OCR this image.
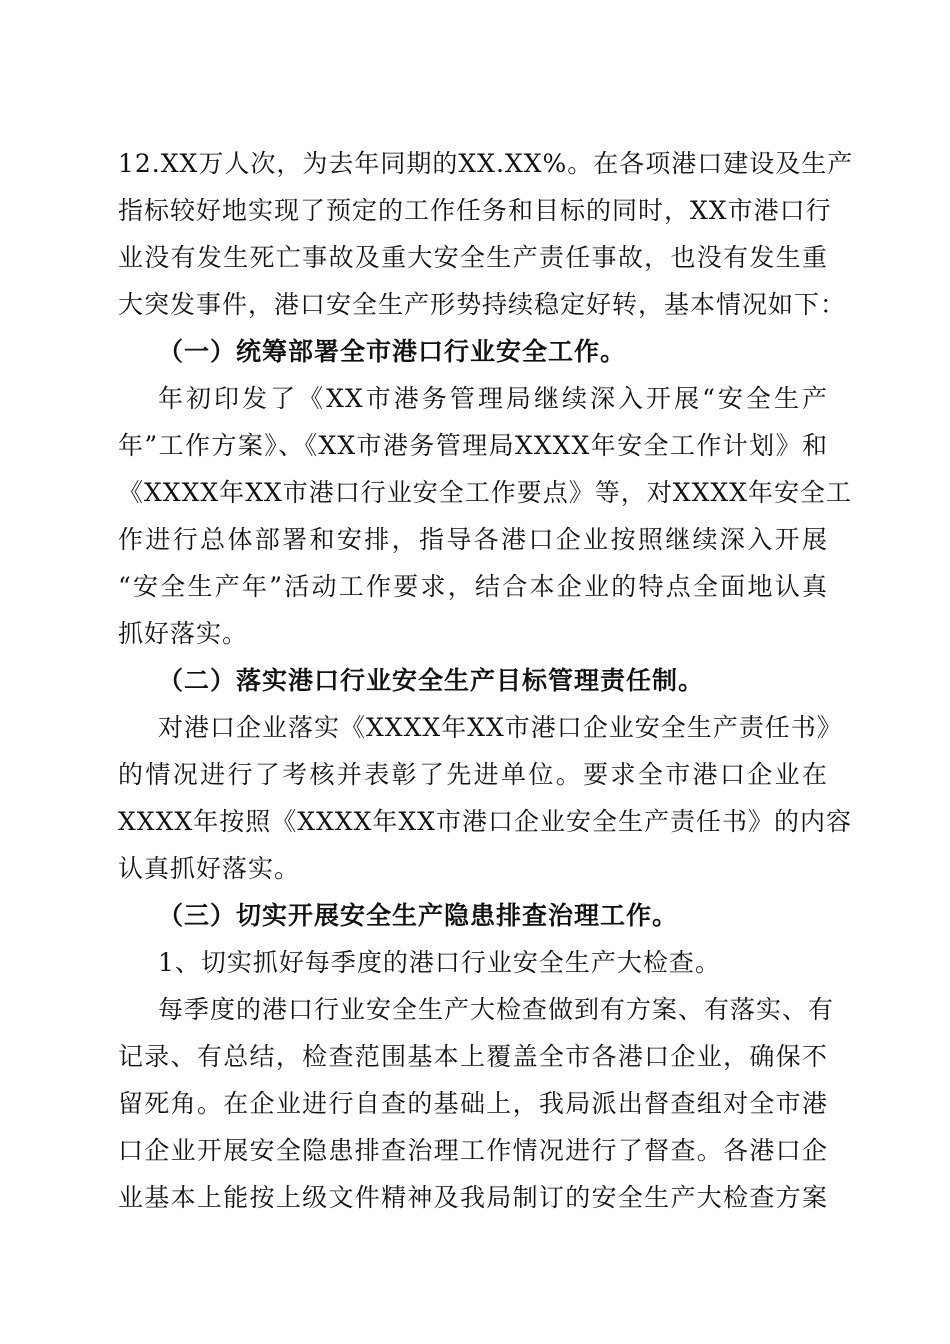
12.XX万人次，为去年同期的XX.XX%。在各项港口建设及生产
指标较好地实现了预定的工作任务和目标的同时，XX市港口行
业没有发生死亡事故及重大安全生产责任事故，也没有发生重
大突发事件，港口安全生产形势持续稳定好转，基本情况如下：
（一）统筹部署全市港口行业安全工作。
年初印发了《XX市港务管理局继续深入开展“安全生产
年”工作方案》、《XX市港务管理局XXXX年安全工作计划》和
《XXXX年XX市港口行业安全工作要点》等，对XXXX年安全工
作进行总体部署和安排，指导各港口企业按照继续深入开展
“安全生产年”活动工作要求，结合本企业的特点全面地认真
抓好落实。
（二）落实港口行业安全生产目标管理责任制。
对港口企业落实《XXXX年XX市港口企业安全生产责任书》
的情况进行了考核并表彰了先进单位。要求全市港口企业在
XXXX年按照《XXXX年XX市港口企业安全生产责任书》的内容
认真抓好落实。
（三）切实开展安全生产隐患排查治理工作。
1、切实抓好每季度的港口行业安全生产大检查。
每季度的港口行业安全生产大检查做到有方案、有落实、有
记录、有总结，检查范围基本上覆盖全市各港口企业，确保不
留死角。在企业进行自查的基础上，我局派出督查组对全市港
口企业开展安全隐患排查治理工作情况进行了督查。各港口企
业基本上能按上级文件精神及我局制订的安全生产大检查方案
